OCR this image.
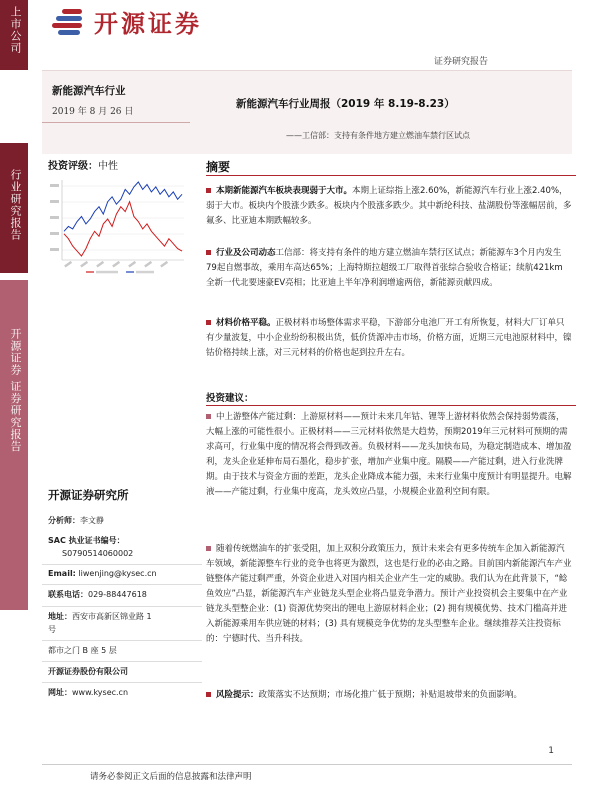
上市公司
行业研究报告
开源证券 证券研究报告
开源证券
证券研究报告
新能源汽车行业
2019 年 8 月 26 日
新能源汽车行业周报（2019 年 8.19-8.23）
——工信部：支持有条件地方建立燃油车禁行区试点
投资评级：中性
开源证券研究所
分析师：李文静
SAC 执业证书编号：
S0790514060002
Email: liwenjing@kysec.cn
联系电话：029-88447618
地址：西安市高新区锦业路 1
号
都市之门 B 座 5 层
开源证券股份有限公司
网址：www.kysec.cn
摘要
本期新能源汽车板块表现弱于大市。本期上证综指上涨2.60%，新能源汽车行业上涨2.40%，弱于大市。板块内个股涨少跌多。板块内个股涨多跌少。其中新纶科技、盐湖股份等涨幅居前，多氟多、比亚迪本期跌幅较多。
行业及公司动态工信部：将支持有条件的地方建立燃油车禁行区试点；新能源车3个月内发生79起自燃事故，乘用车高达65%；上海特斯拉超级工厂取得首张综合验收合格证；续航421km 全新一代北要速豪EV亮相；比亚迪上半年净利润增逾两倍，新能源贡献四成。
材料价格平稳。正极材料市场整体需求平稳，下游部分电池厂开工有所恢复，材料大厂订单只有少量波复，中小企业纷纷积极出货，低价货源冲击市场，价格方面，近期三元电池原材料中，镍钴价格持续上涨，对三元材料的价格也起到拉升左右。
投资建议：
中上游整体产能过剩：上游原材料——预计未来几年钴、锂等上游材料依然会保持弱势震荡，大幅上涨的可能性很小。正极材料——三元材料依然是大趋势，预期2019年三元材料可预期的需求高可，行业集中度的情况将会得到改善。负极材料——龙头加快布局，为稳定制造成本、增加盈利，龙头企业延伸布局石墨化，稳步扩张，增加产业集中度。隔膜——产能过剩，进入行业洗牌期。由于技术与资金方面的差距，龙头企业降成本能力强，未来行业集中度预计有明显提升。电解液——产能过剩，行业集中度高，龙头效应凸显，小规模企业盈利空间有限。
随着传统燃油车的扩张受阻，加上双积分政策压力，预计未来会有更多传统车企加入新能源汽车领域，新能源整车行业的竞争也将更为激烈，这也是行业的必由之路。目前国内新能源汽车产业链整体产能过剩严重，外资企业进入对国内相关企业产生一定的威胁。我们认为在此背景下，“鲶鱼效应”凸显，新能源汽车产业链龙头型企业将凸显竞争潜力。预计产业投资机会主要集中在产业链龙头型整企业：(1) 资源优势突出的锂电上游原材料企业；(2) 拥有规模优势、技术门槛高并进入新能源乘用车供应链的材料；(3) 具有规模竞争优势的龙头型整车企业。继续推荐关注投资标的：宁德时代、当升科技。
风险提示：政策落实不达预期；市场化推广低于预期；补贴退坡带来的负面影响。
1
请务必参阅正文后面的信息披露和法律声明
